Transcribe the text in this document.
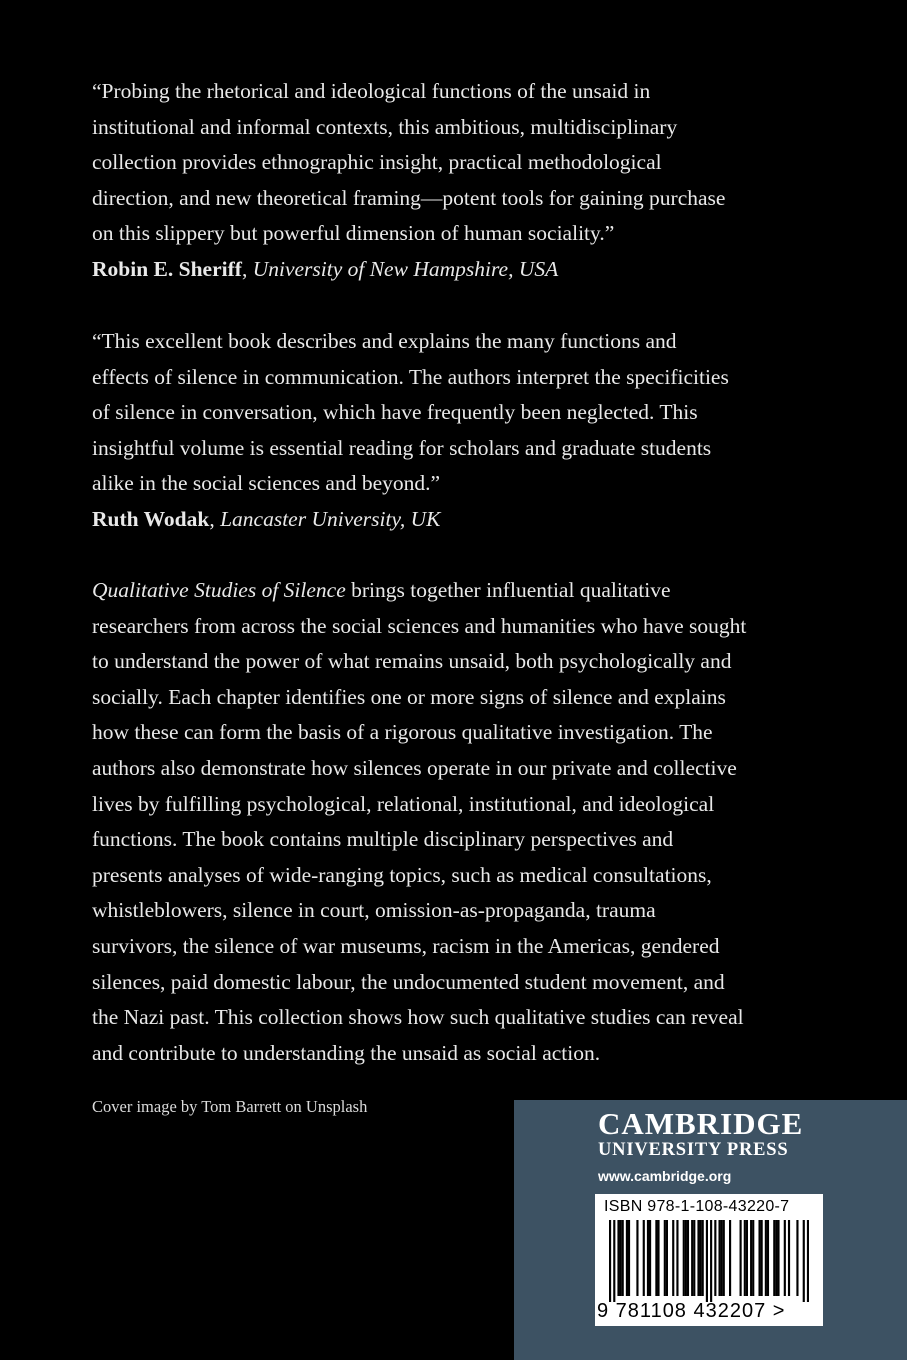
“Probing the rhetorical and ideological functions of the unsaid in
institutional and informal contexts, this ambitious, multidisciplinary
collection provides ethnographic insight, practical methodological
direction, and new theoretical framing—potent tools for gaining purchase
on this slippery but powerful dimension of human sociality.”
Robin E. Sheriff, University of New Hampshire, USA
“This excellent book describes and explains the many functions and
effects of silence in communication. The authors interpret the specificities
of silence in conversation, which have frequently been neglected. This
insightful volume is essential reading for scholars and graduate students
alike in the social sciences and beyond.”
Ruth Wodak, Lancaster University, UK
Qualitative Studies of Silence brings together influential qualitative
researchers from across the social sciences and humanities who have sought
to understand the power of what remains unsaid, both psychologically and
socially. Each chapter identifies one or more signs of silence and explains
how these can form the basis of a rigorous qualitative investigation. The
authors also demonstrate how silences operate in our private and collective
lives by fulfilling psychological, relational, institutional, and ideological
functions. The book contains multiple disciplinary perspectives and
presents analyses of wide-ranging topics, such as medical consultations,
whistleblowers, silence in court, omission-as-propaganda, trauma
survivors, the silence of war museums, racism in the Americas, gendered
silences, paid domestic labour, the undocumented student movement, and
the Nazi past. This collection shows how such qualitative studies can reveal
and contribute to understanding the unsaid as social action.
Cover image by Tom Barrett on Unsplash	CAMBRIDGE
UNIVERSITY PRESS
www.cambridge.org
ISBN 978-1-108-43220-7
9 781108 432207 >
